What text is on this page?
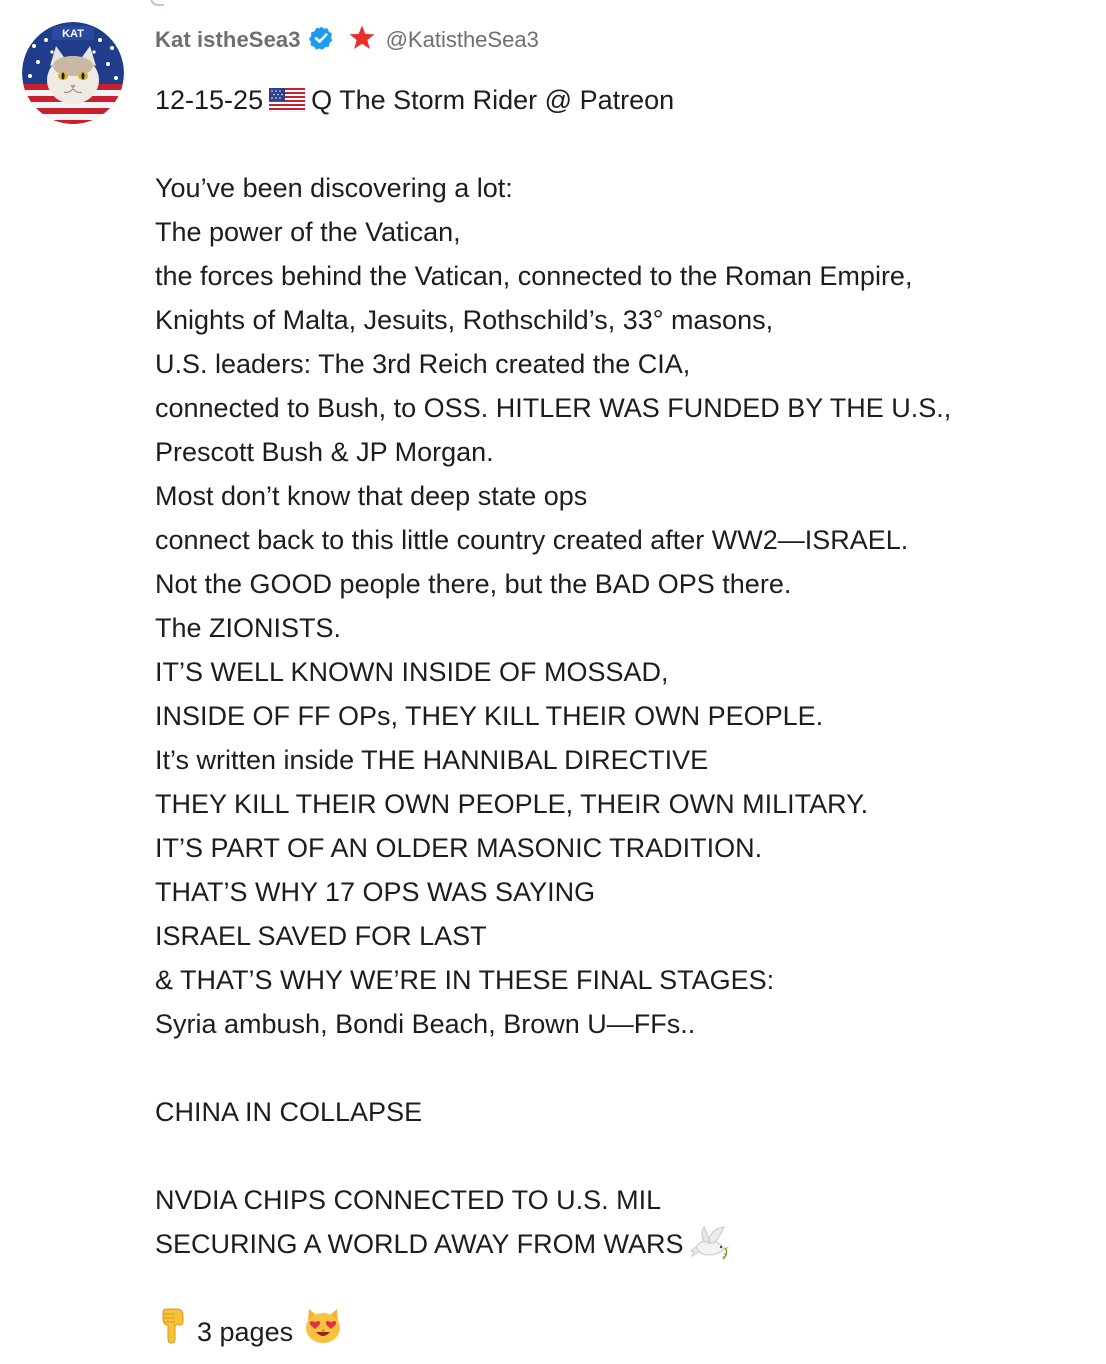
KAT	Kat istheSea3	@KatistheSea3
12-15-25 Q The Storm Rider @ Patreon
You’ve been discovering a lot:
The power of the Vatican,
the forces behind the Vatican, connected to the Roman Empire,
Knights of Malta, Jesuits, Rothschild’s, 33° masons,
U.S. leaders: The 3rd Reich created the CIA,
connected to Bush, to OSS. HITLER WAS FUNDED BY THE U.S.,
Prescott Bush & JP Morgan.
Most don’t know that deep state ops
connect back to this little country created after WW2—ISRAEL.
Not the GOOD people there, but the BAD OPS there.
The ZIONISTS.
IT’S WELL KNOWN INSIDE OF MOSSAD,
INSIDE OF FF OPs, THEY KILL THEIR OWN PEOPLE.
It’s written inside THE HANNIBAL DIRECTIVE
THEY KILL THEIR OWN PEOPLE, THEIR OWN MILITARY.
IT’S PART OF AN OLDER MASONIC TRADITION.
THAT’S WHY 17 OPS WAS SAYING
ISRAEL SAVED FOR LAST
& THAT’S WHY WE’RE IN THESE FINAL STAGES:
Syria ambush, Bondi Beach, Brown U—FFs..
CHINA IN COLLAPSE
NVDIA CHIPS CONNECTED TO U.S. MIL
SECURING A WORLD AWAY FROM WARS
3 pages
